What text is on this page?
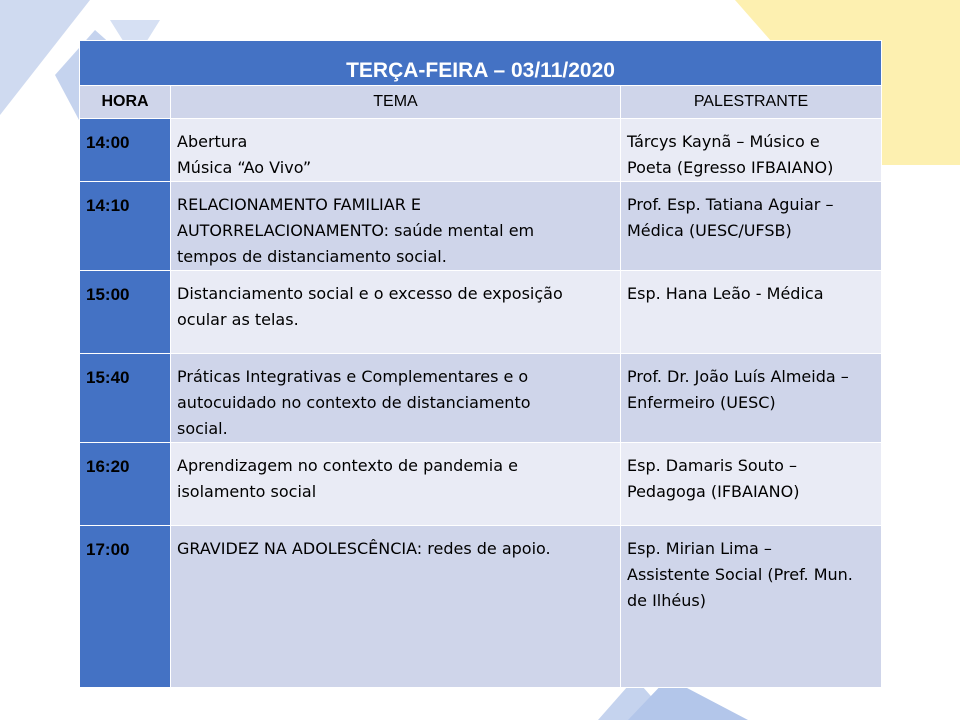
TERÇA-FEIRA – 03/11/2020		
HORA	TEMA	PALESTRANTE
14:00	Abertura
Música “Ao Vivo”	Tárcys Kaynã – Músico e
Poeta (Egresso IFBAIANO)
14:10	RELACIONAMENTO FAMILIAR E
AUTORRELACIONAMENTO: saúde mental em
tempos de distanciamento social.	Prof. Esp. Tatiana Aguiar –
Médica (UESC/UFSB)
15:00	Distanciamento social e o excesso de exposição
ocular as telas.	Esp. Hana Leão - Médica
15:40	Práticas Integrativas e Complementares e o
autocuidado no contexto de distanciamento
social.	Prof. Dr. João Luís Almeida –
Enfermeiro (UESC)
16:20	Aprendizagem no contexto de pandemia e
isolamento social	Esp. Damaris Souto –
Pedagoga (IFBAIANO)
17:00	GRAVIDEZ NA ADOLESCÊNCIA: redes de apoio.	Esp. Mirian Lima –
Assistente Social (Pref. Mun.
de Ilhéus)
